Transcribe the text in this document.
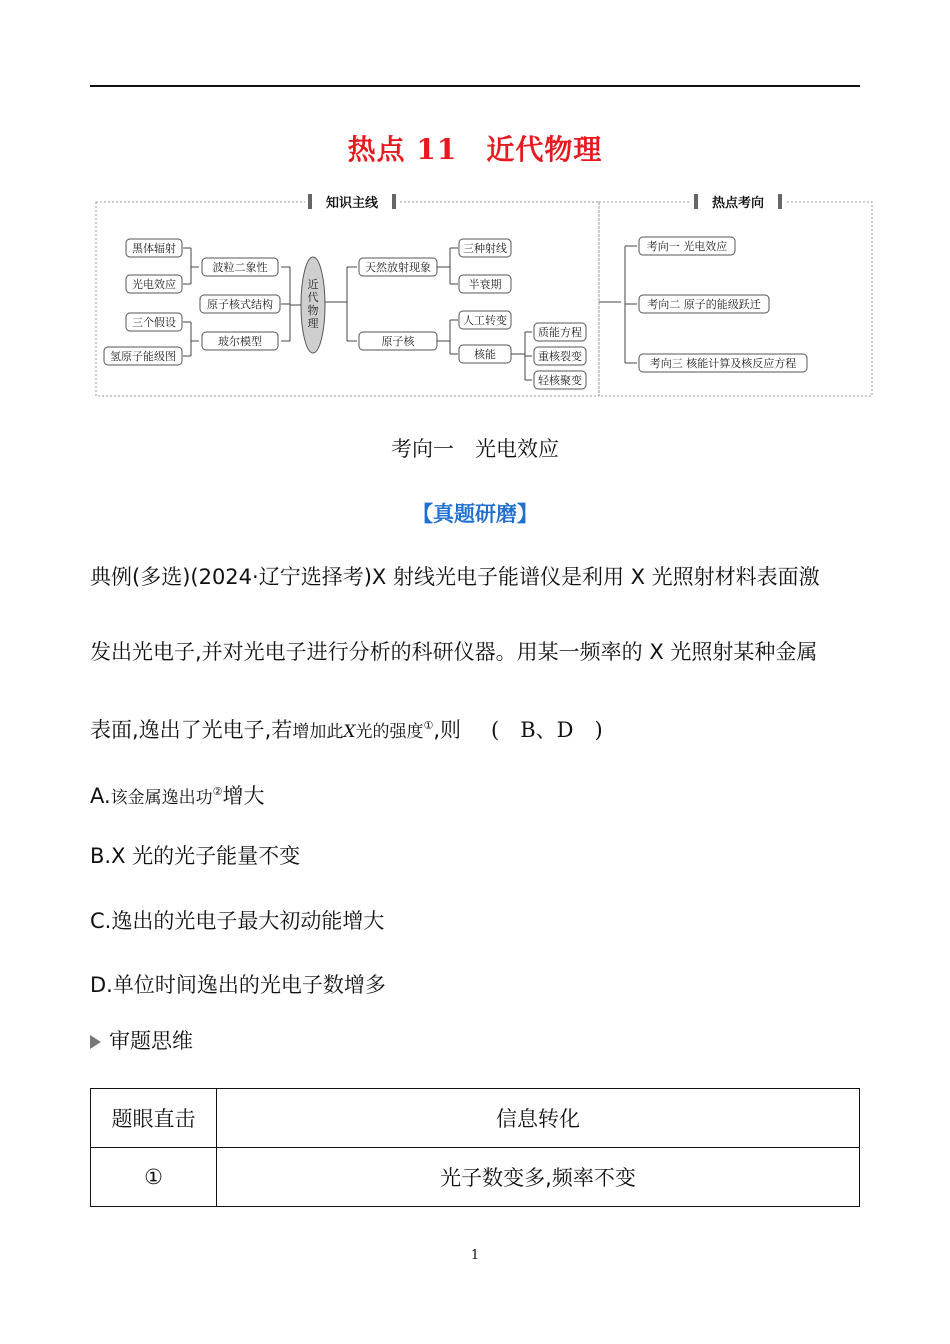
热点 11　近代物理
知识主线	热点考向
近
代
物
理
波粒二象性
原子核式结构
玻尔模型
黑体辐射
光电效应
三个假设
氢原子能级图
天然放射现象
原子核
三种射线
半衰期
人工转变
核能
质能方程
重核裂变
轻核聚变
考向一 光电效应
考向二 原子的能级跃迁
考向三 核能计算及核反应方程
考向一　光电效应
【真题研磨】
典例(多选)(2024·辽宁选择考)X 射线光电子能谱仪是利用 X 光照射材料表面激
发出光电子,并对光电子进行分析的科研仪器。用某一频率的 X 光照射某种金属
表面,逸出了光电子,若增加此X光的强度①,则 (　B、D　)
A.该金属逸出功②增大
B.X 光的光子能量不变
C.逸出的光电子最大初动能增大
D.单位时间逸出的光电子数增多
审题思维
题眼直击	信息转化
①	光子数变多,频率不变
1
